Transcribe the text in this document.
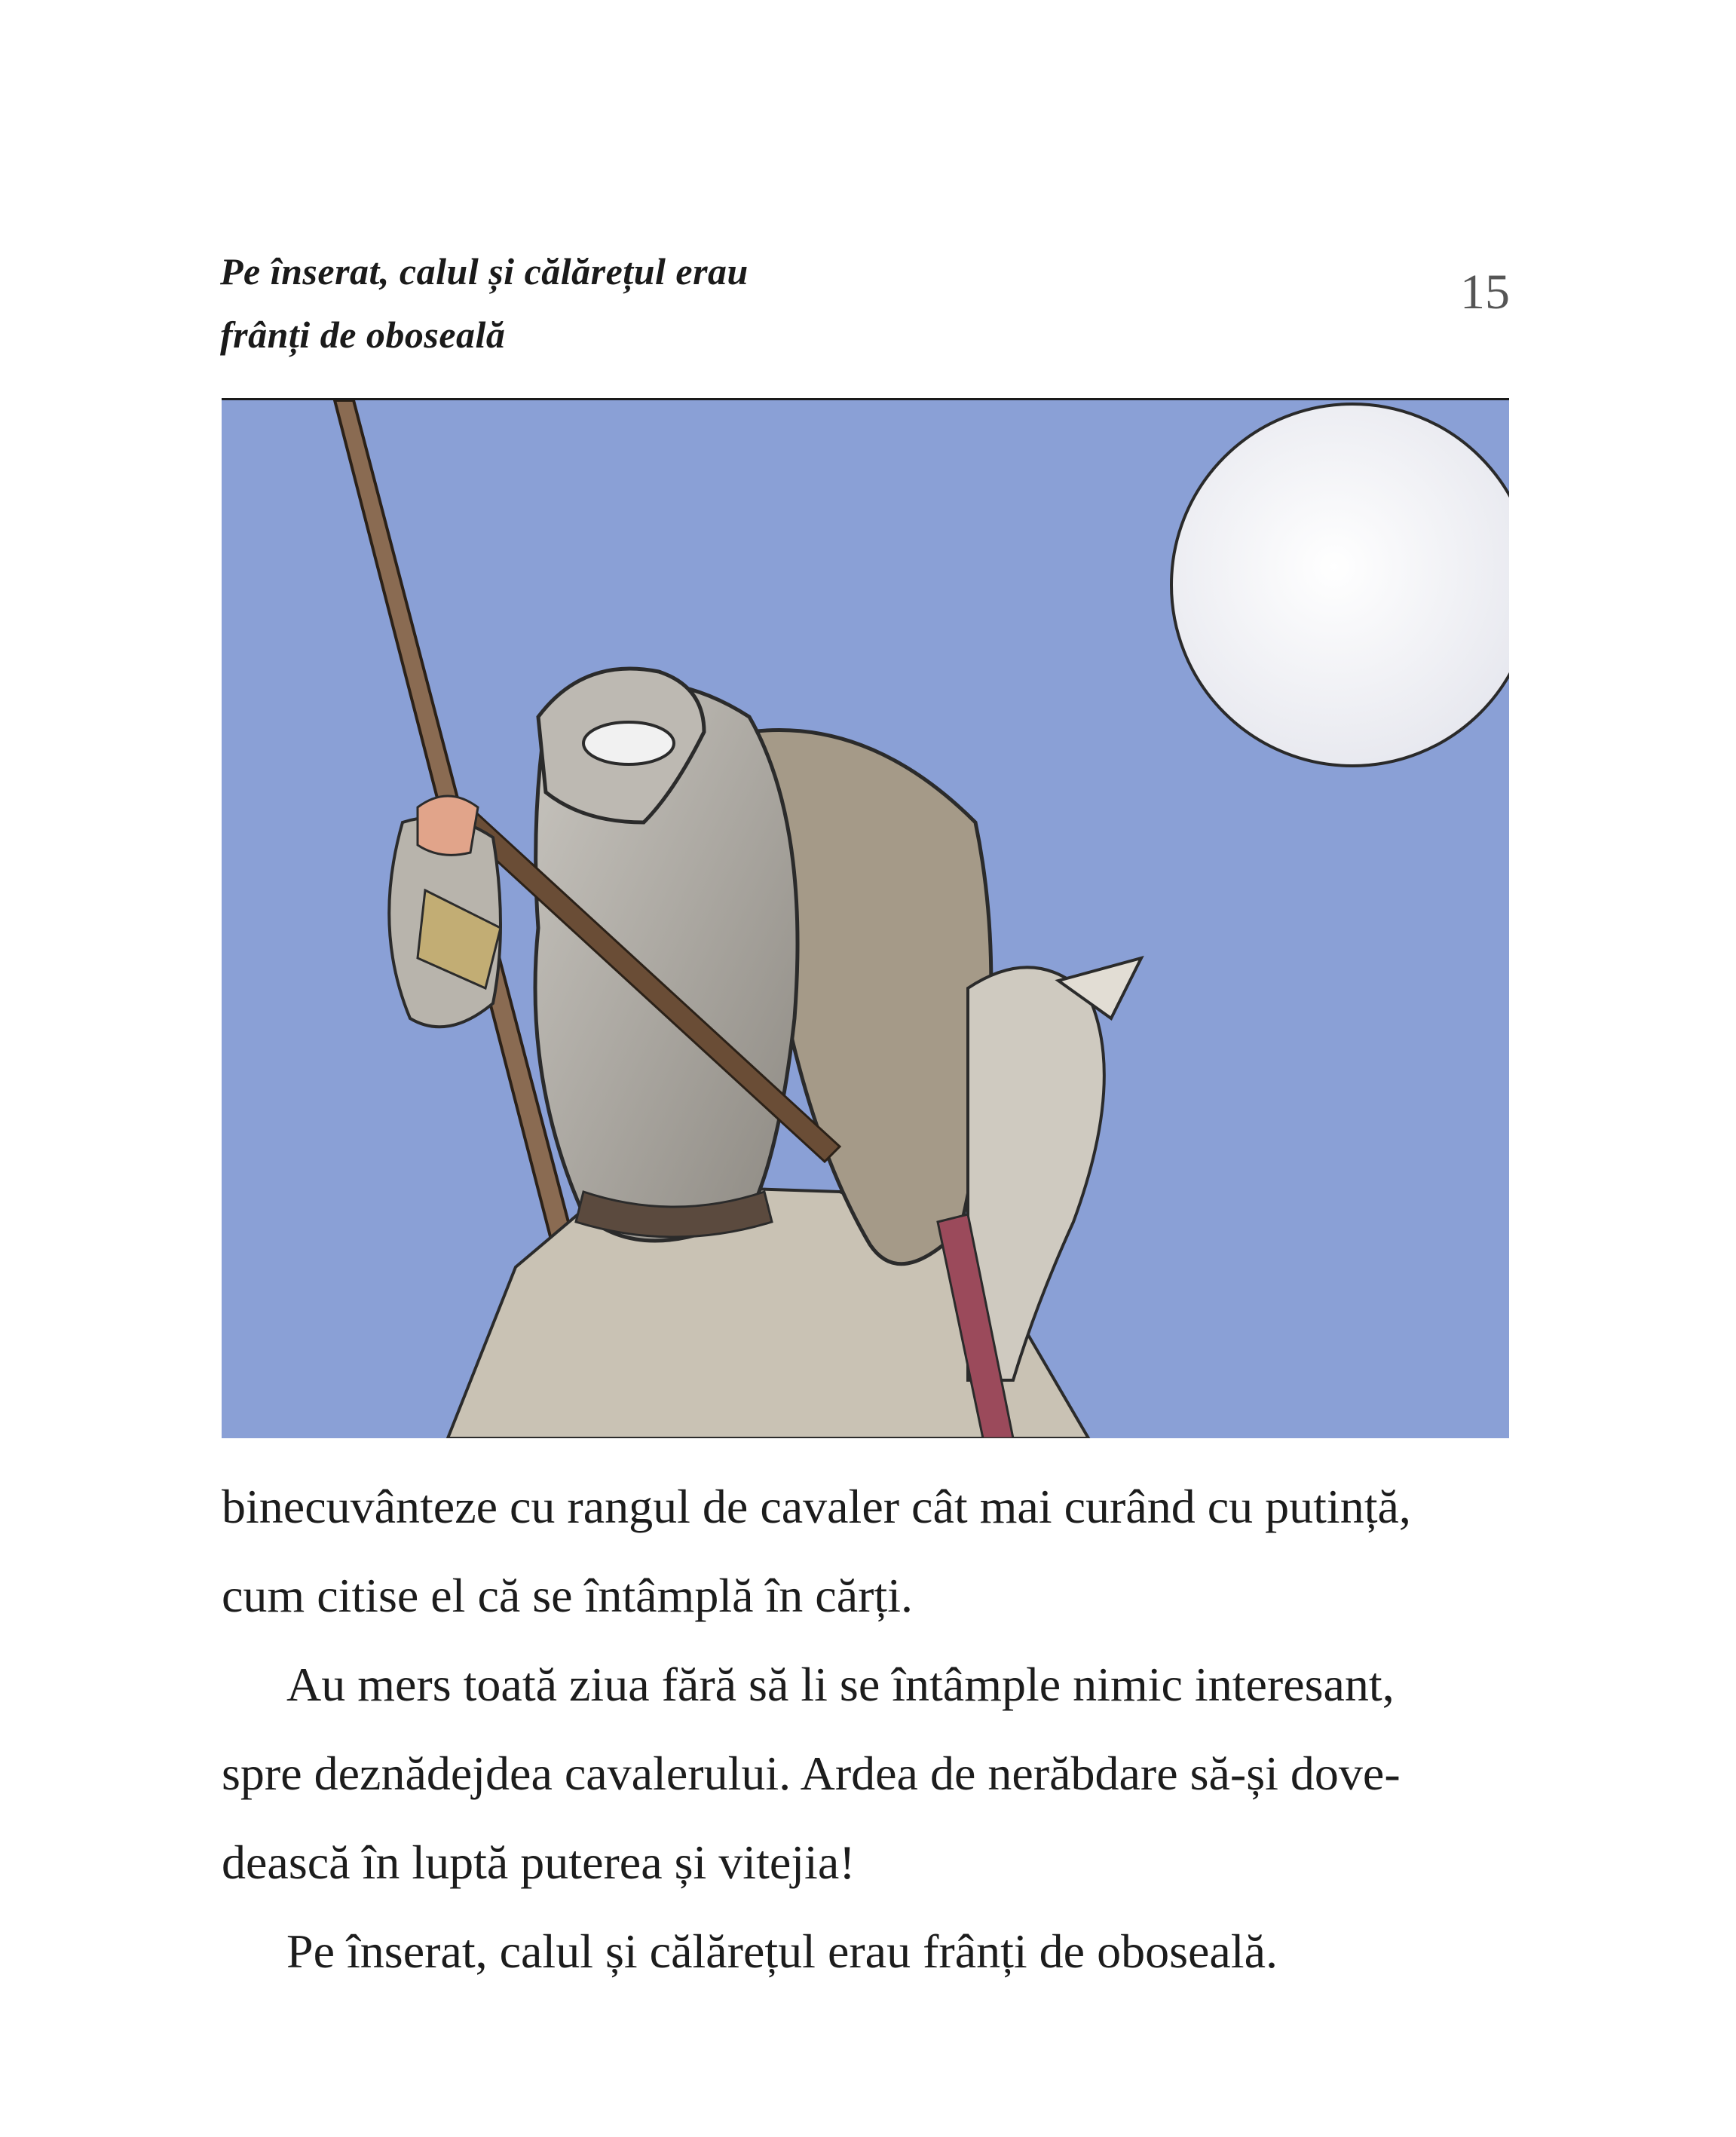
Pe înserat, calul și călărețul erau
frânți de oboseală
15

binecuvânteze cu rangul de cavaler cât mai curând cu putință,
cum citise el că se întâmplă în cărți.

Au mers toată ziua fără să li se întâmple nimic interesant,
spre deznădejdea cavalerului. Ardea de nerăbdare să-și dove-
dească în luptă puterea și vitejia!

Pe înserat, calul și călărețul erau frânți de oboseală.
